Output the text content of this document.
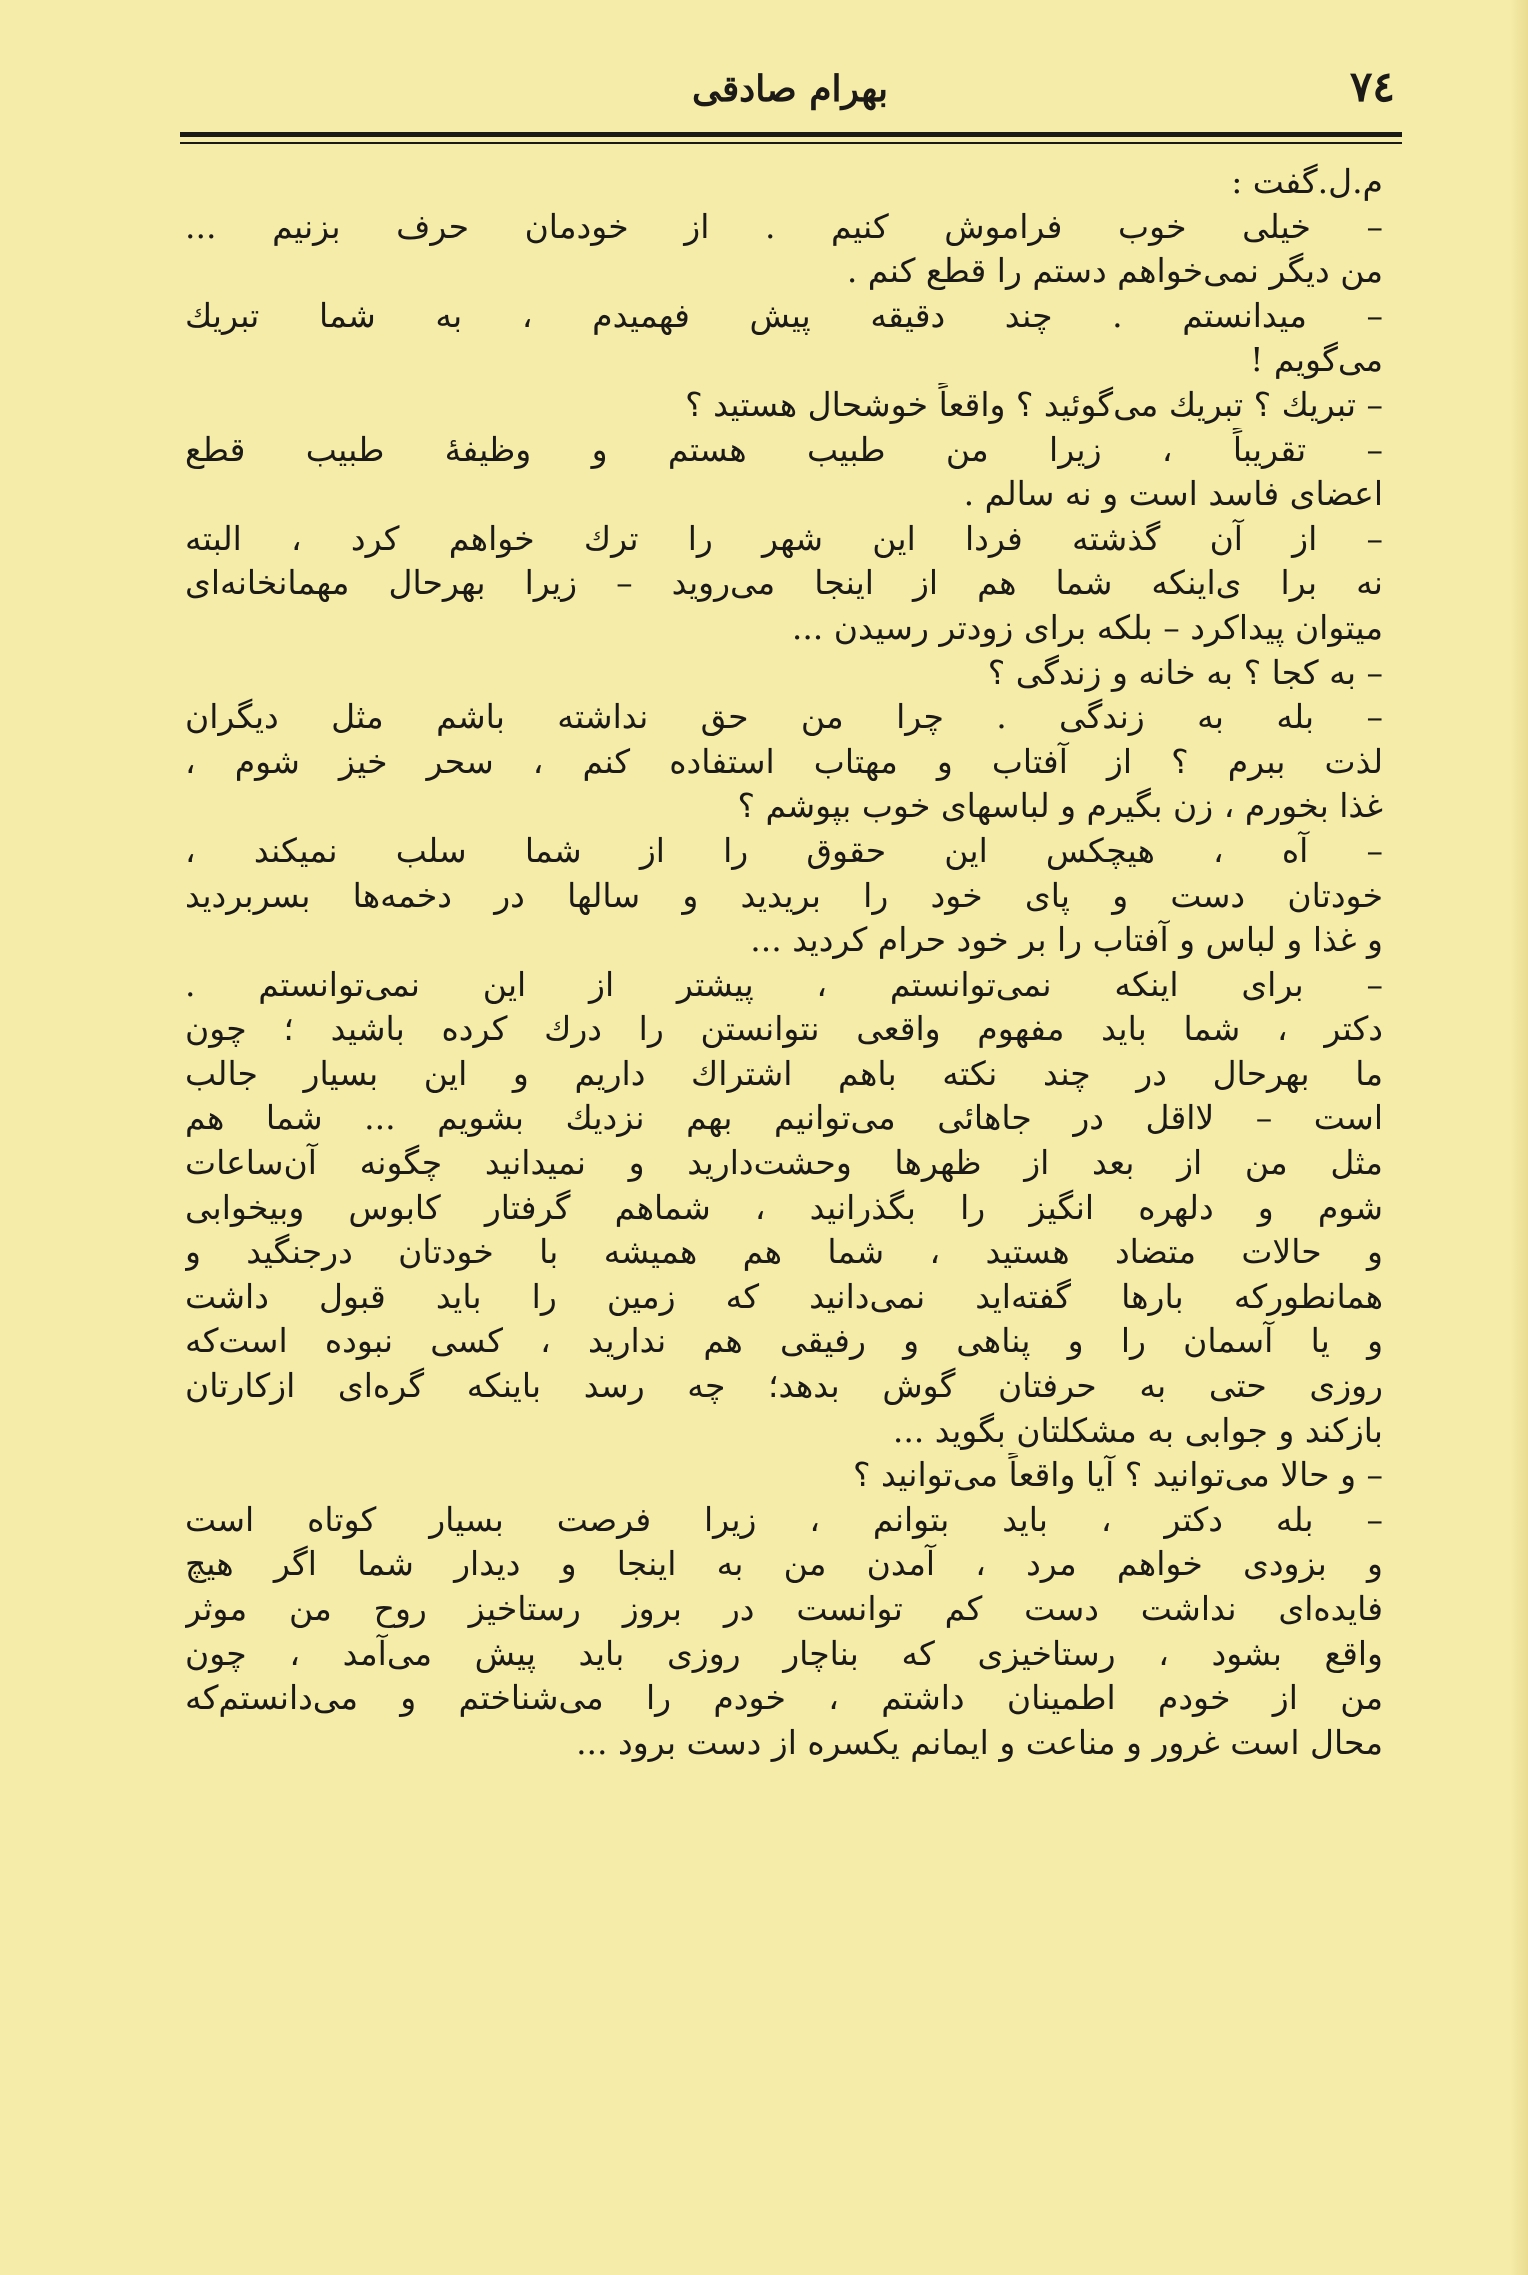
٧٤
بهرام صادقی
م.ل.گفت :
– خیلی خوب فراموش کنیم . از خودمان حرف بزنیم ...
من دیگر نمی‌خواهم دستم را قطع کنم .
– میدانستم . چند دقیقه پیش فهمیدم ، به شما تبریك
می‌گویم !
– تبریك ؟ تبریك می‌گوئید ؟ واقعاً خوشحال هستید ؟
– تقریباً ، زیرا من طبیب هستم و وظیفهٔ طبیب قطع
اعضای فاسد است و نه سالم .
– از آن گذشته فردا این شهر را ترك خواهم کرد ، البته
نه برا ی‌اینکه شما هم از اینجا می‌روید – زیرا بهرحال مهمانخانه‌ای
میتوان پیداکرد – بلکه برای زودتر رسیدن ...
– به کجا ؟ به خانه و زندگی ؟
– بله به زندگی . چرا من حق نداشته باشم مثل دیگران
لذت ببرم ؟ از آفتاب و مهتاب استفاده کنم ، سحر خیز شوم ،
غذا بخورم ، زن بگیرم و لباسهای خوب بپوشم ؟
– آه ، هیچکس این حقوق را از شما سلب نمیکند ،
خودتان دست و پای خود را بریدید و سالها در دخمه‌ها بسربردید
و غذا و لباس و آفتاب را بر خود حرام کردید ...
– برای اینکه نمی‌توانستم ، پیشتر از این نمی‌توانستم .
دکتر ، شما باید مفهوم واقعی نتوانستن را درك کرده باشید ؛ چون
ما بهرحال در چند نکته باهم اشتراك داریم و این بسیار جالب
است – لااقل در جاهائی می‌توانیم بهم نزدیك بشویم ... شما هم
مثل من از بعد از ظهرها وحشت‌دارید و نمیدانید چگونه آن‌ساعات
شوم و دلهره انگیز را بگذرانید ، شماهم گرفتار کابوس وبیخوابی
و حالات متضاد هستید ، شما هم همیشه با خودتان درجنگید و
همانطورکه بارها گفته‌اید نمی‌دانید که زمین را باید قبول داشت
و یا آسمان را و پناهی و رفیقی هم ندارید ، کسی نبوده است‌که
روزی حتی به حرفتان گوش بدهد؛ چه رسد باینکه گره‌ای ازکارتان
بازکند و جوابی به مشکلتان بگوید ...
– و حالا می‌توانید ؟ آیا واقعاً می‌توانید ؟
– بله دکتر ، باید بتوانم ، زیرا فرصت بسیار کوتاه است
و بزودی خواهم مرد ، آمدن من به اینجا و دیدار شما اگر هیچ
فایده‌ای نداشت دست کم توانست در بروز رستاخیز روح من موثر
واقع بشود ، رستاخیزی که بناچار روزی باید پیش می‌آمد ، چون
من از خودم اطمینان داشتم ، خودم را می‌شناختم و می‌دانستم‌که
محال است غرور و مناعت و ایمانم یکسره از دست برود ...
